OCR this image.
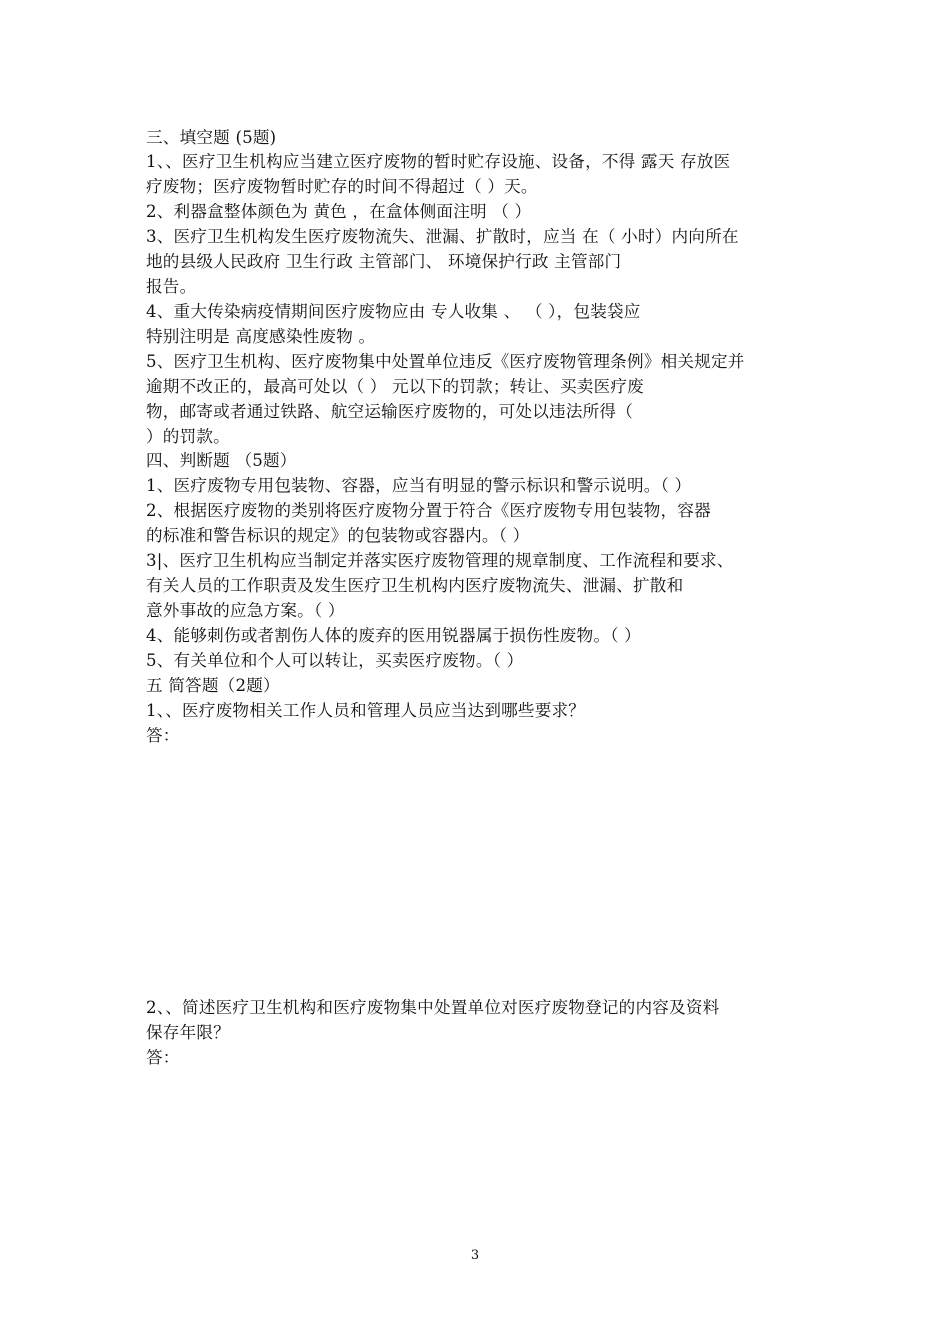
三、填空题 (5题)
1、、医疗卫生机构应当建立医疗废物的暂时贮存设施、设备，不得 露天 存放医
疗废物；医疗废物暂时贮存的时间不得超过（ ）天。
2、利器盒整体颜色为 黄色 ，在盒体侧面注明 （ ）
3、医疗卫生机构发生医疗废物流失、泄漏、扩散时，应当 在（ 小时）内向所在
地的县级人民政府 卫生行政 主管部门、 环境保护行政 主管部门
报告。
4、重大传染病疫情期间医疗废物应由 专人收集 、 （ ），包装袋应
特别注明是 高度感染性废物 。
5、医疗卫生机构、医疗废物集中处置单位违反《医疗废物管理条例》相关规定并
逾期不改正的，最高可处以（ ） 元以下的罚款；转让、买卖医疗废
物，邮寄或者通过铁路、航空运输医疗废物的，可处以违法所得（
）的罚款。
四、判断题 （5题）
1、医疗废物专用包装物、容器，应当有明显的警示标识和警示说明。（ ）
2、根据医疗废物的类别将医疗废物分置于符合《医疗废物专用包装物，容器
的标准和警告标识的规定》的包装物或容器内。（ ）
3|、医疗卫生机构应当制定并落实医疗废物管理的规章制度、工作流程和要求、
有关人员的工作职责及发生医疗卫生机构内医疗废物流失、泄漏、扩散和
意外事故的应急方案。（ ）
4、能够刺伤或者割伤人体的废弃的医用锐器属于损伤性废物。（ ）
5、有关单位和个人可以转让，买卖医疗废物。（ ）
五 简答题（2题）
1、、医疗废物相关工作人员和管理人员应当达到哪些要求？
答：
2、、简述医疗卫生机构和医疗废物集中处置单位对医疗废物登记的内容及资料
保存年限？
答：
3
